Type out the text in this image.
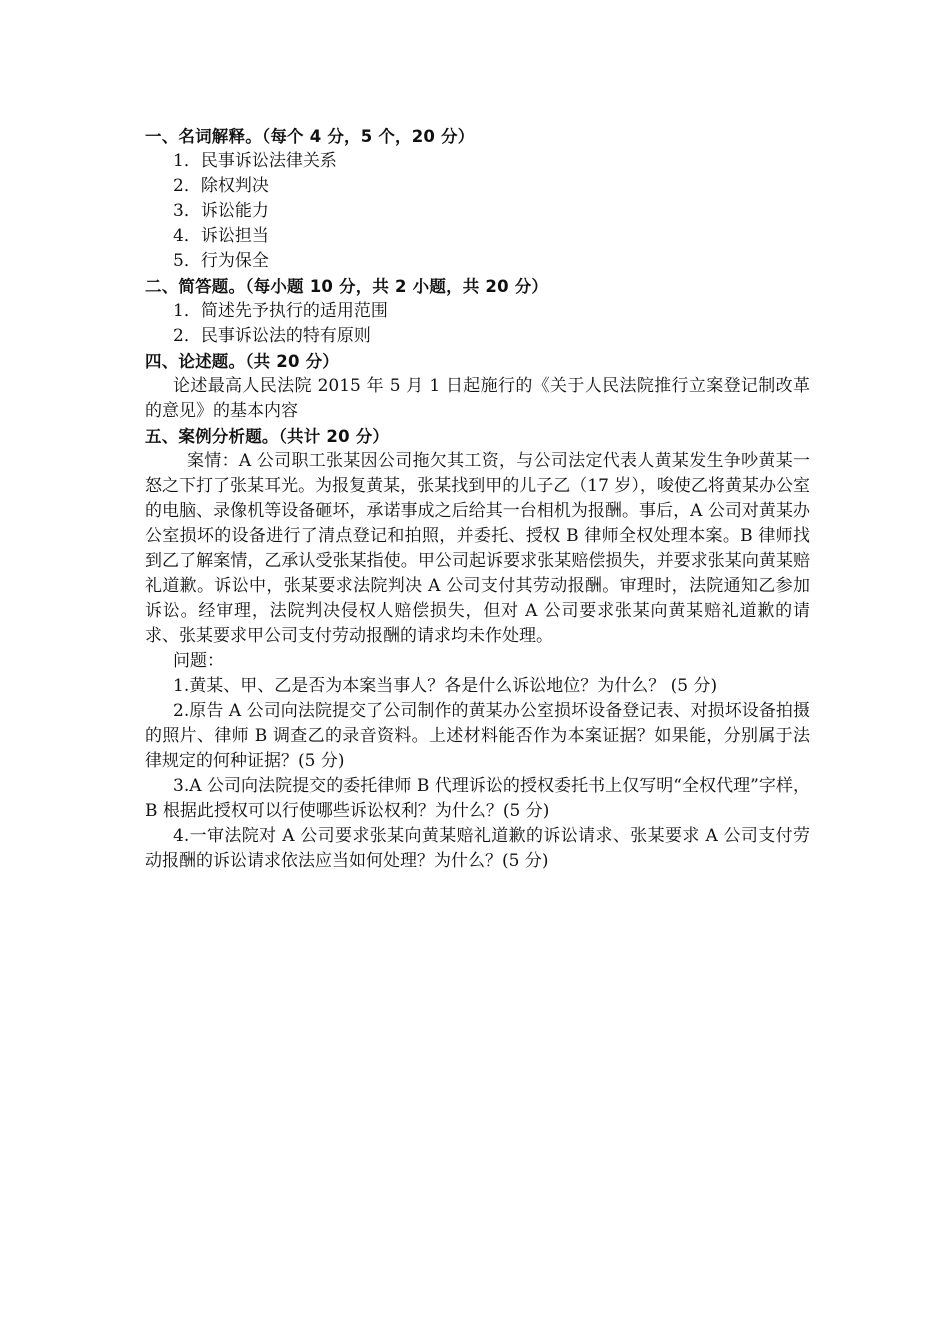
一、名词解释。（每个 4 分，5 个，20 分）
1．民事诉讼法律关系
2．除权判决
3．诉讼能力
4．诉讼担当
5．行为保全
二、简答题。（每小题 10 分，共 2 小题，共 20 分）
1．简述先予执行的适用范围
2．民事诉讼法的特有原则
四、论述题。（共 20 分）

论述最高人民法院 2015 年 5 月 1 日起施行的《关于人民法院推行立案登记制改革的意见》的基本内容

五、案例分析题。（共计 20 分）

案情：A 公司职工张某因公司拖欠其工资，与公司法定代表人黄某发生争吵黄某一怒之下打了张某耳光。为报复黄某，张某找到甲的儿子乙（17 岁），唆使乙将黄某办公室的电脑、录像机等设备砸坏，承诺事成之后给其一台相机为报酬。事后，A 公司对黄某办公室损坏的设备进行了清点登记和拍照，并委托、授权 B 律师全权处理本案。B 律师找到乙了解案情，乙承认受张某指使。甲公司起诉要求张某赔偿损失，并要求张某向黄某赔礼道歉。诉讼中，张某要求法院判决 A 公司支付其劳动报酬。审理时，法院通知乙参加诉讼。经审理，法院判决侵权人赔偿损失，但对 A 公司要求张某向黄某赔礼道歉的请求、张某要求甲公司支付劳动报酬的请求均未作处理。

问题：

1.黄某、甲、乙是否为本案当事人？各是什么诉讼地位？为什么？ (5 分)

2.原告 A 公司向法院提交了公司制作的黄某办公室损坏设备登记表、对损坏设备拍摄的照片、律师 B 调查乙的录音资料。上述材料能否作为本案证据？如果能，分别属于法律规定的何种证据？(5 分)

3.A 公司向法院提交的委托律师 B 代理诉讼的授权委托书上仅写明“全权代理”字样，B 根据此授权可以行使哪些诉讼权利？为什么？(5 分)

4.一审法院对 A 公司要求张某向黄某赔礼道歉的诉讼请求、张某要求 A 公司支付劳动报酬的诉讼请求依法应当如何处理？为什么？(5 分)
